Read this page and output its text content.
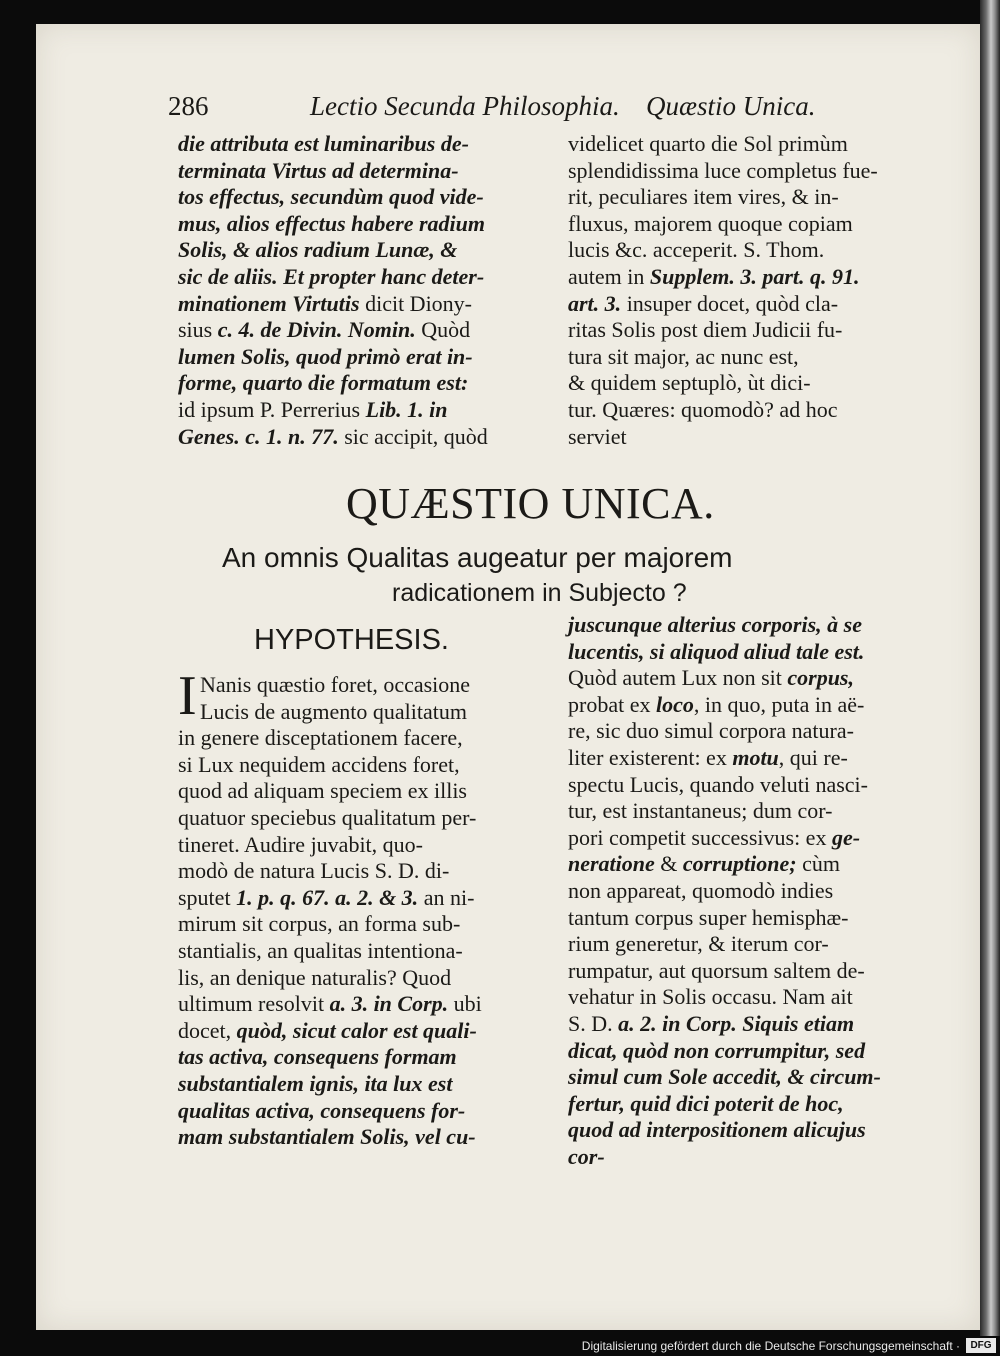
286	Lectio Secunda Philosophia. Quæstio Unica.
die attributa est luminaribus de-
terminata Virtus ad determina-
tos effectus, secundùm quod vide-
mus, alios effectus habere radium
Solis, & alios radium Lunæ, &
sic de aliis. Et propter hanc deter-
minationem Virtutis dicit Diony-
sius c. 4. de Divin. Nomin. Quòd
lumen Solis, quod primò erat in-
forme, quarto die formatum est:
id ipsum P. Perrerius Lib. 1. in
Genes. c. 1. n. 77. sic accipit, quòd
videlicet quarto die Sol primùm
splendidissima luce completus fue-
rit, peculiares item vires, & in-
fluxus, majorem quoque copiam
lucis &c. acceperit. S. Thom.
autem in Supplem. 3. part. q. 91.
art. 3. insuper docet, quòd cla-
ritas Solis post diem Judicii fu-
tura sit major, ac nunc est,
& quidem septuplò, ùt dici-
tur. Quæres: quomodò? ad hoc
serviet
QUÆSTIO UNICA.
An omnis Qualitas augeatur per majorem
radicationem in Subjecto ?
HYPOTHESIS.
I Nanis quæstio foret, occasione
Lucis de augmento qualitatum
in genere disceptationem facere,
si Lux nequidem accidens foret,
quod ad aliquam speciem ex illis
quatuor speciebus qualitatum per-
tineret. Audire juvabit, quo-
modò de natura Lucis S. D. di-
sputet 1. p. q. 67. a. 2. & 3. an ni-
mirum sit corpus, an forma sub-
stantialis, an qualitas intentiona-
lis, an denique naturalis? Quod
ultimum resolvit a. 3. in Corp. ubi
docet, quòd, sicut calor est quali-
tas activa, consequens formam
substantialem ignis, ita lux est
qualitas activa, consequens for-
mam substantialem Solis, vel cu-
juscunque alterius corporis, à se
lucentis, si aliquod aliud tale est.
Quòd autem Lux non sit corpus,
probat ex loco, in quo, puta in aë-
re, sic duo simul corpora natura-
liter existerent: ex motu, qui re-
spectu Lucis, quando veluti nasci-
tur, est instantaneus; dum cor-
pori competit successivus: ex ge-
neratione & corruptione; cùm
non appareat, quomodò indies
tantum corpus super hemisphæ-
rium generetur, & iterum cor-
rumpatur, aut quorsum saltem de-
vehatur in Solis occasu. Nam ait
S. D. a. 2. in Corp. Siquis etiam
dicat, quòd non corrumpitur, sed
simul cum Sole accedit, & circum-
fertur, quid dici poterit de hoc,
quod ad interpositionem alicujus
cor-
Digitalisierung gefördert durch die Deutsche Forschungsgemeinschaft ·	DFG
